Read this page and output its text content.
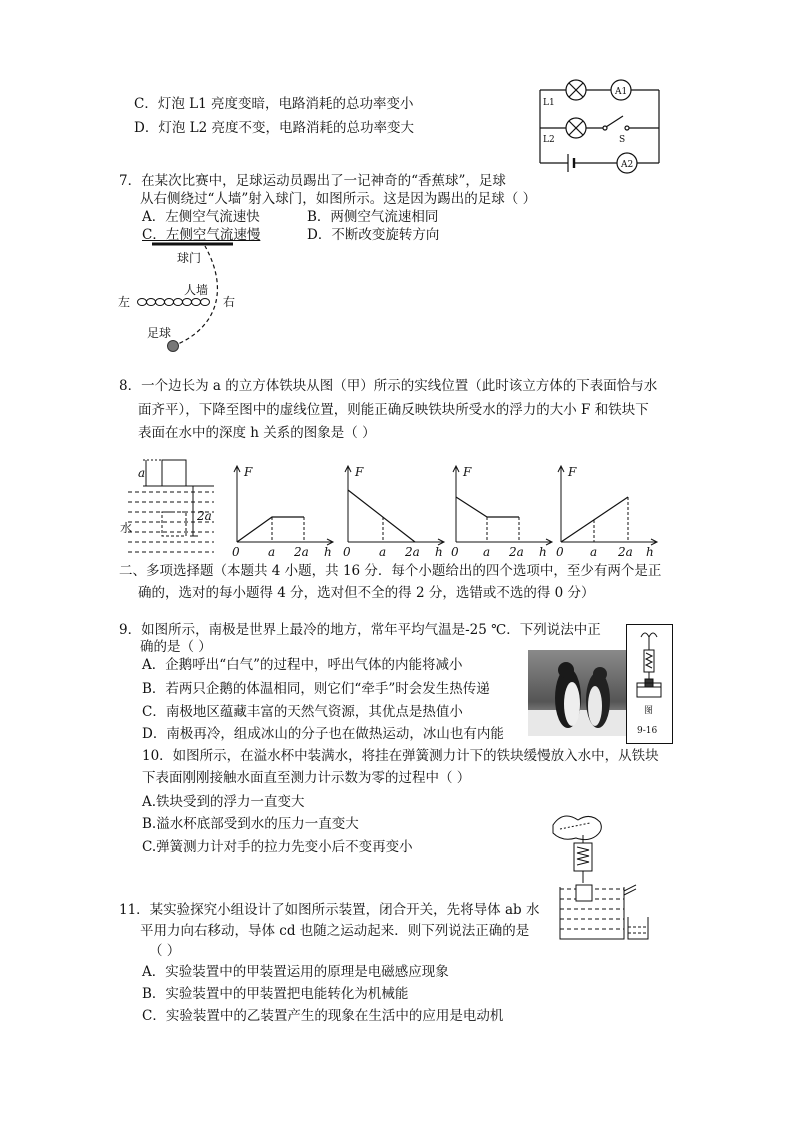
C．灯泡 L1 亮度变暗，电路消耗的总功率变小
D．灯泡 L2 亮度不变，电路消耗的总功率变大
L1
L2
A1
A2
S
7．在某次比赛中，足球运动员踢出了一记神奇的“香蕉球”，足球
从右侧绕过“人墙”射入球门，如图所示。这是因为踢出的足球（ ）
A．左侧空气流速快	B．两侧空气流速相同
C．左侧空气流速慢	D．不断改变旋转方向
球门
人墙
左	右
足球
8．一个边长为 a 的立方体铁块从图（甲）所示的实线位置（此时该立方体的下表面恰与水
面齐平），下降至图中的虚线位置，则能正确反映铁块所受水的浮力的大小 F 和铁块下
表面在水中的深度 h 关系的图象是（ ）
a
2a
水
F
0 a 2a h
F
0 a 2a h
F
0 a 2a h
F
0 a 2a h
二、多项选择题（本题共 4 小题，共 16 分．每个小题给出的四个选项中，至少有两个是正
确的，选对的每小题得 4 分，选对但不全的得 2 分，选错或不选的得 0 分）
9．如图所示，南极是世界上最冷的地方，常年平均气温是-25 ℃．下列说法中正
确的是（ ）
A．企鹅呼出“白气”的过程中，呼出气体的内能将减小
B．若两只企鹅的体温相同，则它们“牵手”时会发生热传递
C．南极地区蕴藏丰富的天然气资源，其优点是热值小
D．南极再冷，组成冰山的分子也在做热运动，冰山也有内能
图
9-16
10．如图所示，在溢水杯中装满水，将挂在弹簧测力计下的铁块缓慢放入水中，从铁块
下表面刚刚接触水面直至测力计示数为零的过程中（ ）
A.铁块受到的浮力一直变大
B.溢水杯底部受到水的压力一直变大
C.弹簧测力计对手的拉力先变小后不变再变小
11．某实验探究小组设计了如图所示装置，闭合开关，先将导体 ab 水
平用力向右移动，导体 cd 也随之运动起来．则下列说法正确的是
（ ）
A．实验装置中的甲装置运用的原理是电磁感应现象
B．实验装置中的甲装置把电能转化为机械能
C．实验装置中的乙装置产生的现象在生活中的应用是电动机
